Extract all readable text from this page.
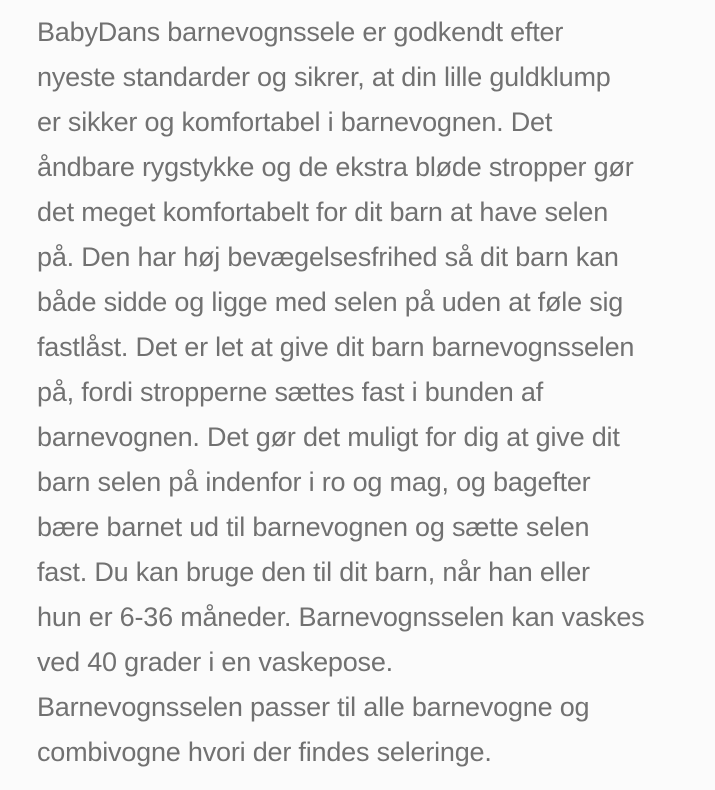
BabyDans barnevognssele er godkendt efter
nyeste standarder og sikrer, at din lille guldklump
er sikker og komfortabel i barnevognen. Det
åndbare rygstykke og de ekstra bløde stropper gør
det meget komfortabelt for dit barn at have selen
på. Den har høj bevægelsesfrihed så dit barn kan
både sidde og ligge med selen på uden at føle sig
fastlåst. Det er let at give dit barn barnevognsselen
på, fordi stropperne sættes fast i bunden af
barnevognen. Det gør det muligt for dig at give dit
barn selen på indenfor i ro og mag, og bagefter
bære barnet ud til barnevognen og sætte selen
fast. Du kan bruge den til dit barn, når han eller
hun er 6-36 måneder. Barnevognsselen kan vaskes
ved 40 grader i en vaskepose.
Barnevognsselen passer til alle barnevogne og
combivogne hvori der findes seleringe.
